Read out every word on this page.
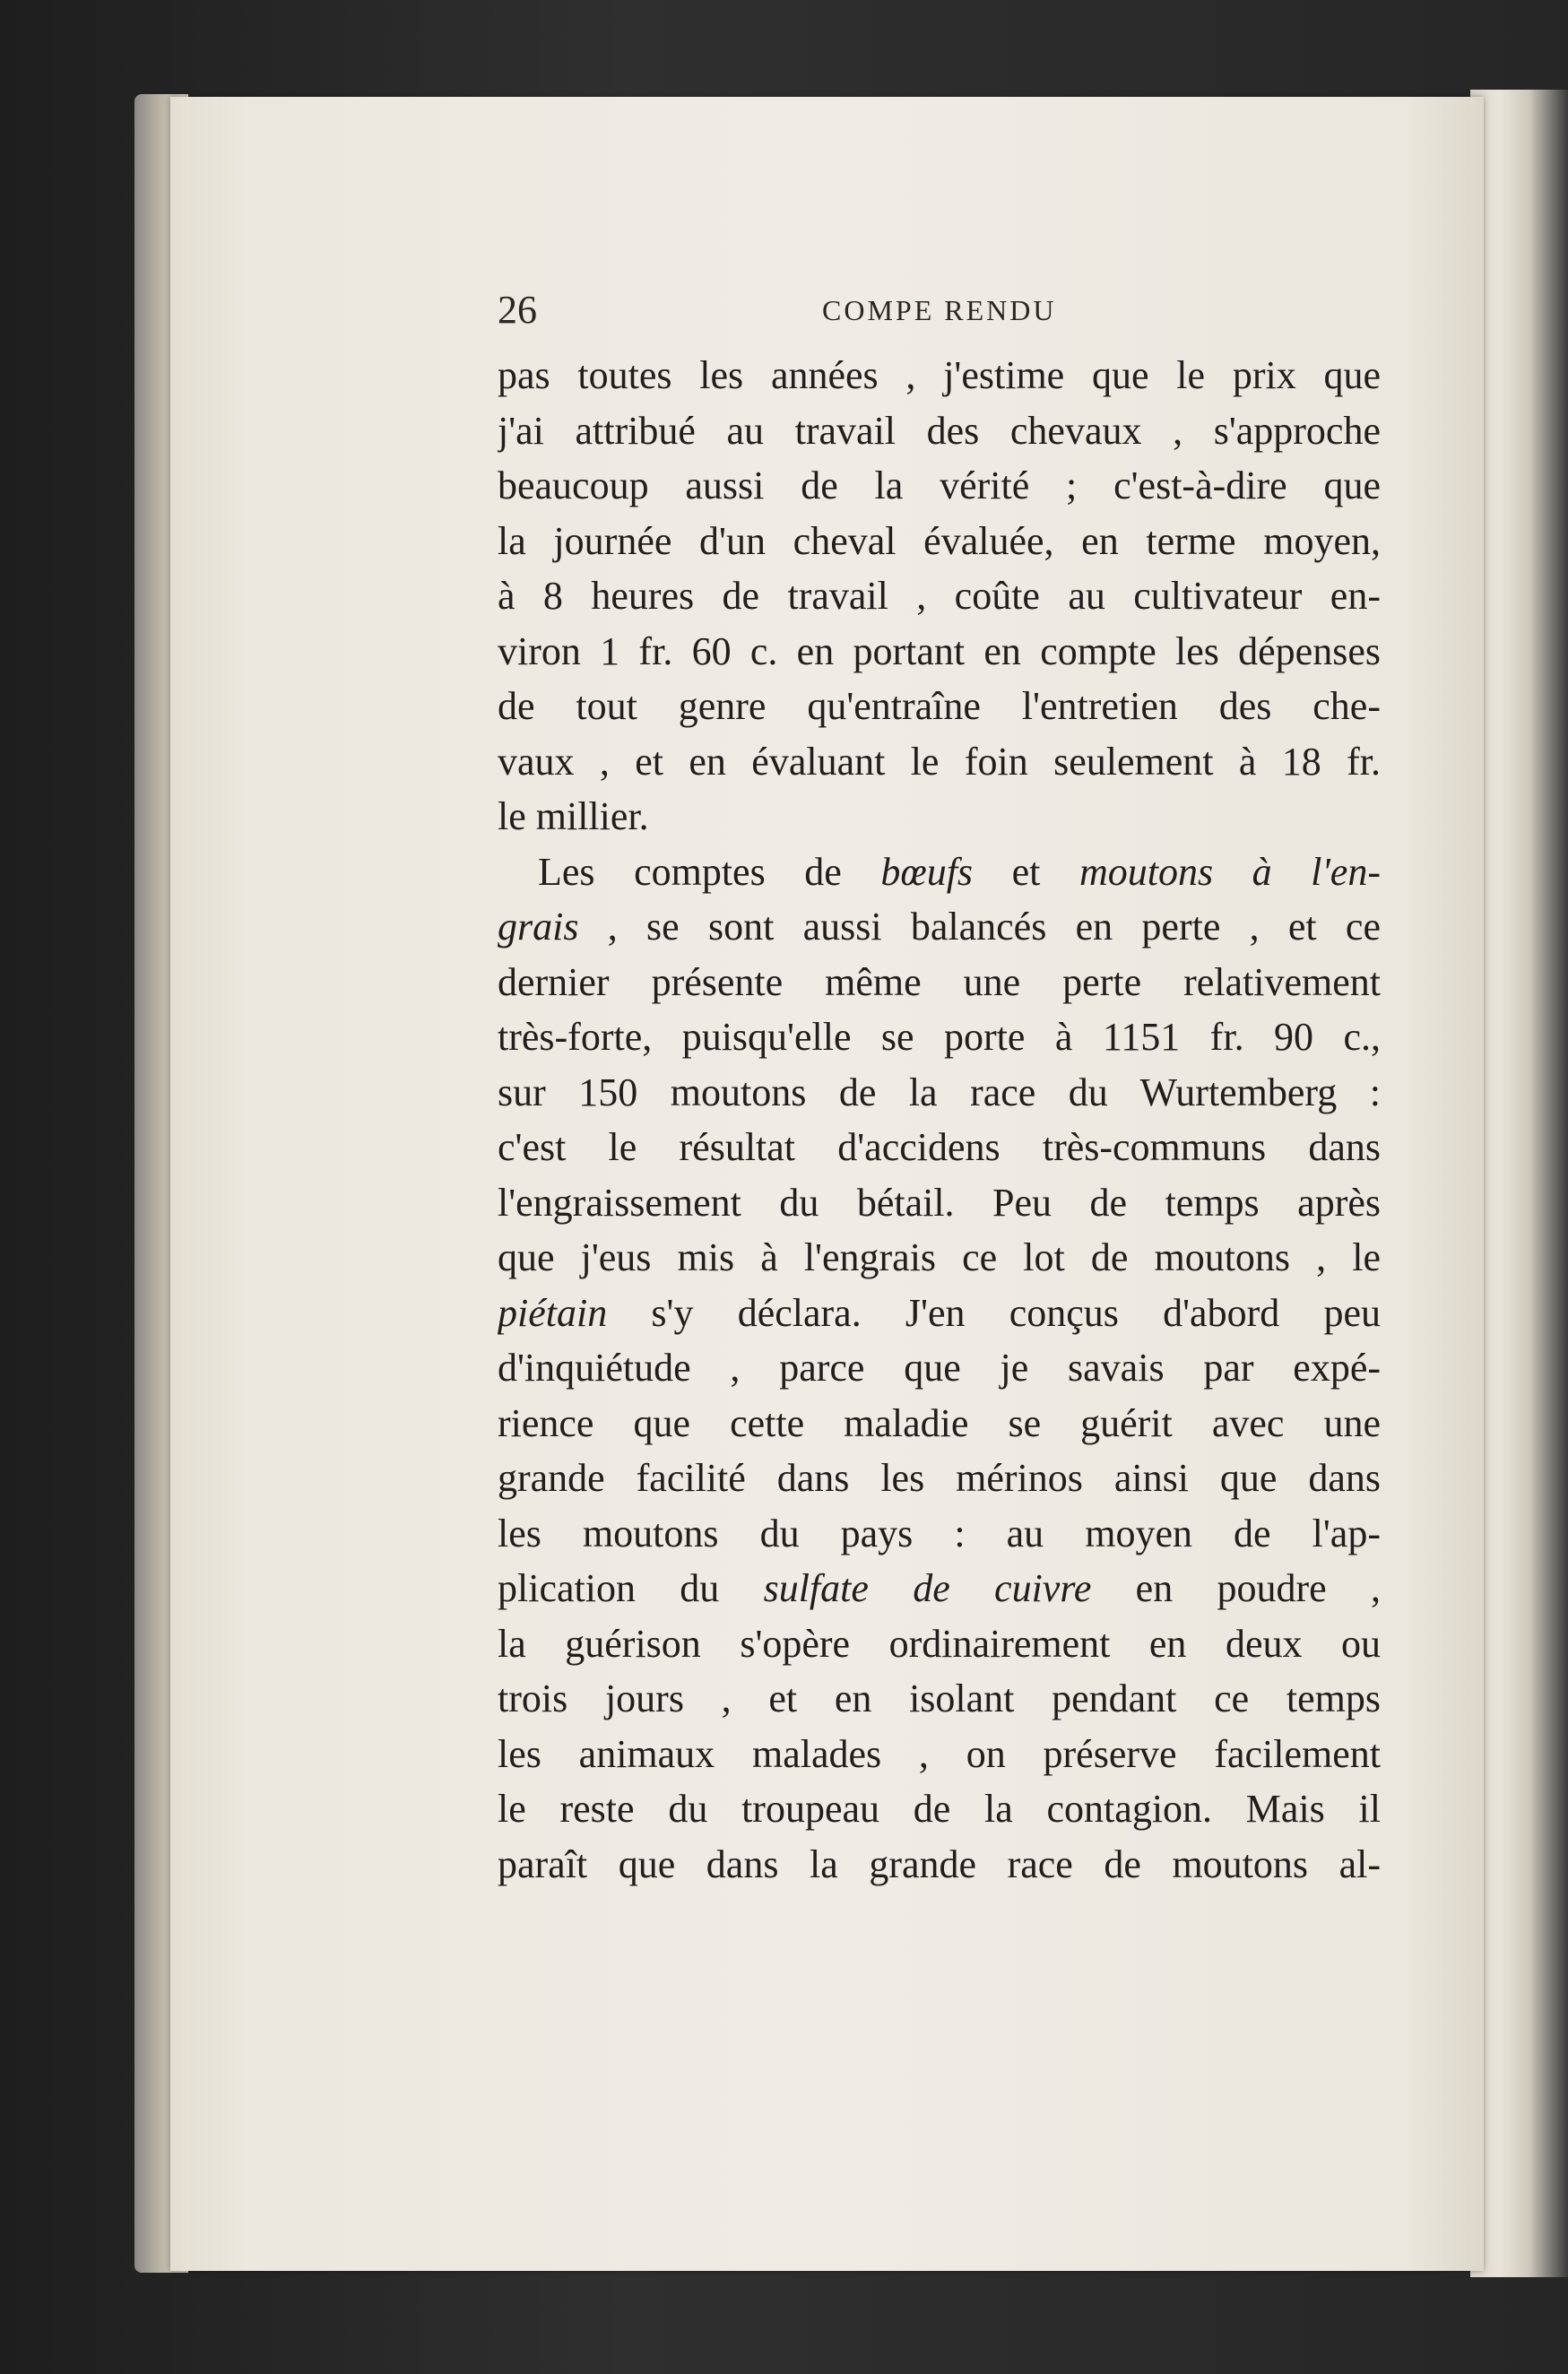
26	COMPE RENDU
pas toutes les années , j'estime que le prix que
j'ai attribué au travail des chevaux , s'approche
beaucoup aussi de la vérité ; c'est-à-dire que
la journée d'un cheval évaluée, en terme moyen,
à 8 heures de travail , coûte au cultivateur en-
viron 1 fr. 60 c. en portant en compte les dépenses
de tout genre qu'entraîne l'entretien des che-
vaux , et en évaluant le foin seulement à 18 fr.
le millier.
Les comptes de bœufs et moutons à l'en-
grais , se sont aussi balancés en perte , et ce
dernier présente même une perte relativement
très-forte, puisqu'elle se porte à 1151 fr. 90 c.,
sur 150 moutons de la race du Wurtemberg :
c'est le résultat d'accidens très-communs dans
l'engraissement du bétail. Peu de temps après
que j'eus mis à l'engrais ce lot de moutons , le
piétain s'y déclara. J'en conçus d'abord peu
d'inquiétude , parce que je savais par expé-
rience que cette maladie se guérit avec une
grande facilité dans les mérinos ainsi que dans
les moutons du pays : au moyen de l'ap-
plication du sulfate de cuivre en poudre ,
la guérison s'opère ordinairement en deux ou
trois jours , et en isolant pendant ce temps
les animaux malades , on préserve facilement
le reste du troupeau de la contagion. Mais il
paraît que dans la grande race de moutons al-
